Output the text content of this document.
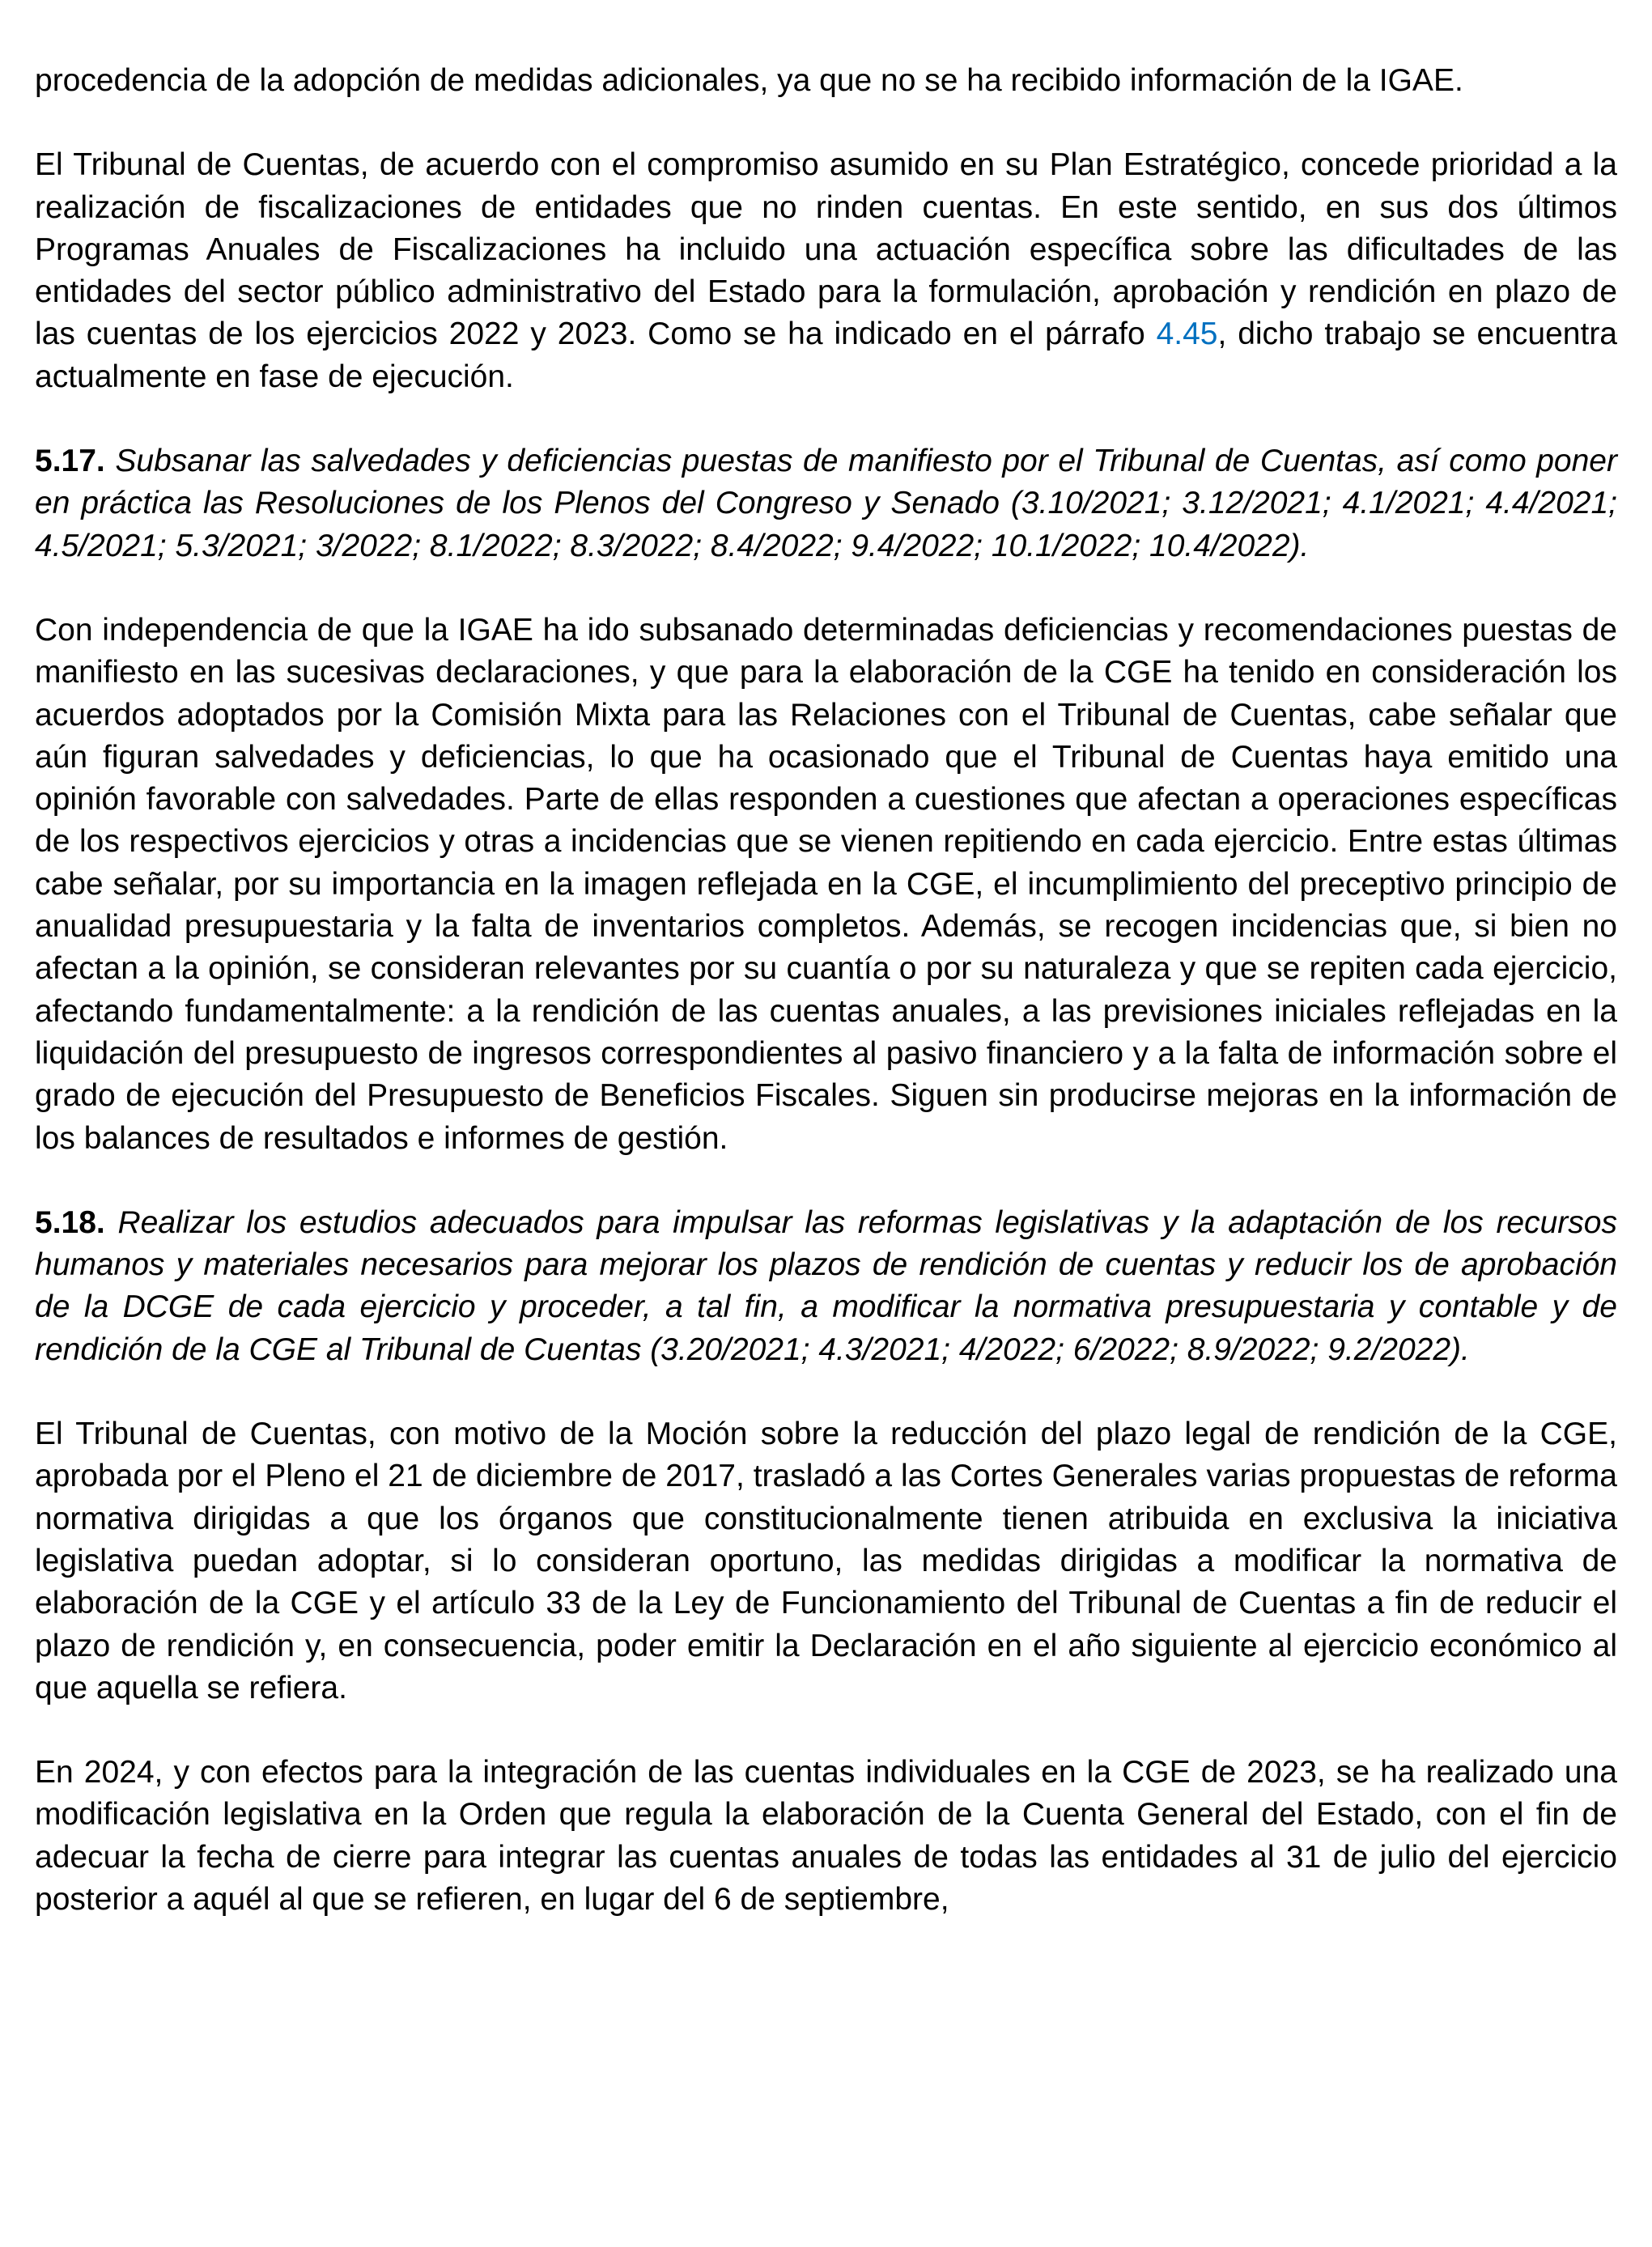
procedencia de la adopción de medidas adicionales, ya que no se ha recibido información de la IGAE.

El Tribunal de Cuentas, de acuerdo con el compromiso asumido en su Plan Estratégico, concede prioridad a la realización de fiscalizaciones de entidades que no rinden cuentas. En este sentido, en sus dos últimos Programas Anuales de Fiscalizaciones ha incluido una actuación específica sobre las dificultades de las entidades del sector público administrativo del Estado para la formulación, aprobación y rendición en plazo de las cuentas de los ejercicios 2022 y 2023. Como se ha indicado en el párrafo 4.45, dicho trabajo se encuentra actualmente en fase de ejecución.

5.17. Subsanar las salvedades y deficiencias puestas de manifiesto por el Tribunal de Cuentas, así como poner en práctica las Resoluciones de los Plenos del Congreso y Senado (3.10/2021; 3.12/2021; 4.1/2021; 4.4/2021; 4.5/2021; 5.3/2021; 3/2022; 8.1/2022; 8.3/2022; 8.4/2022; 9.4/2022; 10.1/2022; 10.4/2022).

Con independencia de que la IGAE ha ido subsanado determinadas deficiencias y recomendaciones puestas de manifiesto en las sucesivas declaraciones, y que para la elaboración de la CGE ha tenido en consideración los acuerdos adoptados por la Comisión Mixta para las Relaciones con el Tribunal de Cuentas, cabe señalar que aún figuran salvedades y deficiencias, lo que ha ocasionado que el Tribunal de Cuentas haya emitido una opinión favorable con salvedades. Parte de ellas responden a cuestiones que afectan a operaciones específicas de los respectivos ejercicios y otras a incidencias que se vienen repitiendo en cada ejercicio. Entre estas últimas cabe señalar, por su importancia en la imagen reflejada en la CGE, el incumplimiento del preceptivo principio de anualidad presupuestaria y la falta de inventarios completos. Además, se recogen incidencias que, si bien no afectan a la opinión, se consideran relevantes por su cuantía o por su naturaleza y que se repiten cada ejercicio, afectando fundamentalmente: a la rendición de las cuentas anuales, a las previsiones iniciales reflejadas en la liquidación del presupuesto de ingresos correspondientes al pasivo financiero y a la falta de información sobre el grado de ejecución del Presupuesto de Beneficios Fiscales. Siguen sin producirse mejoras en la información de los balances de resultados e informes de gestión.

5.18. Realizar los estudios adecuados para impulsar las reformas legislativas y la adaptación de los recursos humanos y materiales necesarios para mejorar los plazos de rendición de cuentas y reducir los de aprobación de la DCGE de cada ejercicio y proceder, a tal fin, a modificar la normativa presupuestaria y contable y de rendición de la CGE al Tribunal de Cuentas (3.20/2021; 4.3/2021; 4/2022; 6/2022; 8.9/2022; 9.2/2022).

El Tribunal de Cuentas, con motivo de la Moción sobre la reducción del plazo legal de rendición de la CGE, aprobada por el Pleno el 21 de diciembre de 2017, trasladó a las Cortes Generales varias propuestas de reforma normativa dirigidas a que los órganos que constitucionalmente tienen atribuida en exclusiva la iniciativa legislativa puedan adoptar, si lo consideran oportuno, las medidas dirigidas a modificar la normativa de elaboración de la CGE y el artículo 33 de la Ley de Funcionamiento del Tribunal de Cuentas a fin de reducir el plazo de rendición y, en consecuencia, poder emitir la Declaración en el año siguiente al ejercicio económico al que aquella se refiera.

En 2024, y con efectos para la integración de las cuentas individuales en la CGE de 2023, se ha realizado una modificación legislativa en la Orden que regula la elaboración de la Cuenta General del Estado, con el fin de adecuar la fecha de cierre para integrar las cuentas anuales de todas las entidades al 31 de julio del ejercicio posterior a aquél al que se refieren, en lugar del 6 de septiembre,
